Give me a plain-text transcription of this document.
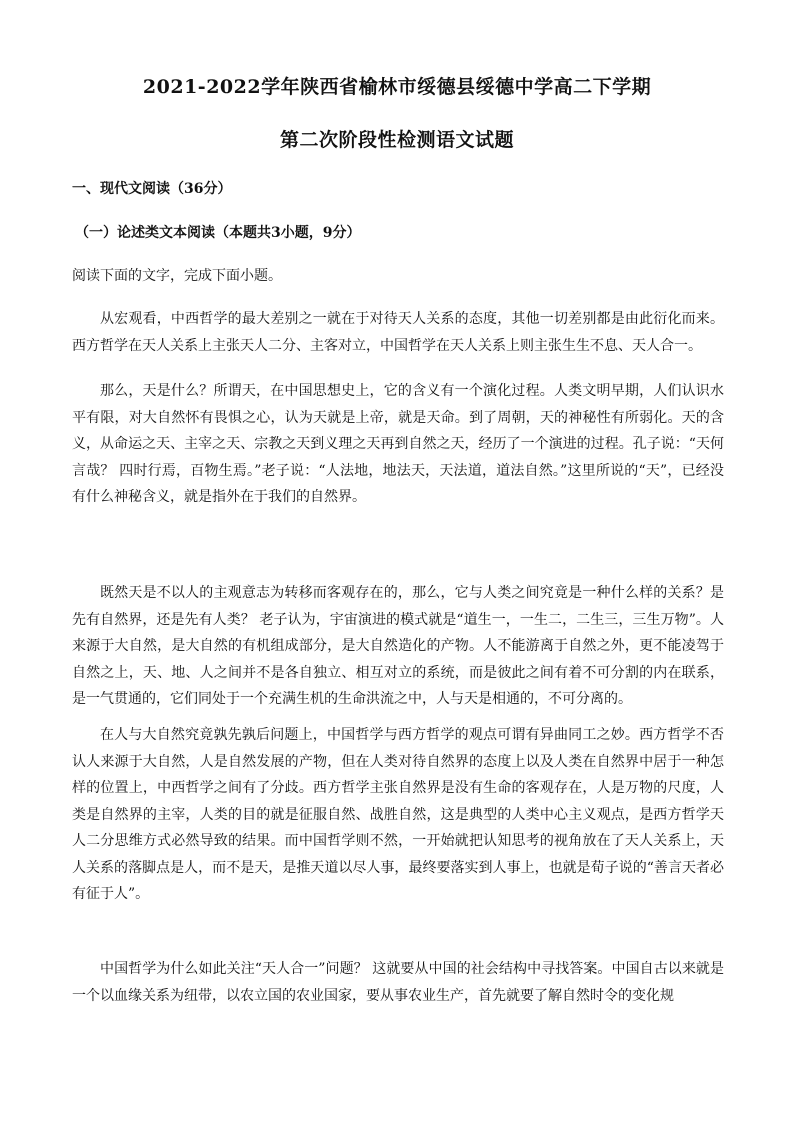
2021-2022学年陕西省榆林市绥德县绥德中学高二下学期
第二次阶段性检测语文试题
一、现代文阅读（36分）
（一）论述类文本阅读（本题共3小题，9分）
阅读下面的文字，完成下面小题。

从宏观看，中西哲学的最大差别之一就在于对待天人关系的态度，其他一切差别都是由此衍化而来。西方哲学在天人关系上主张天人二分、主客对立，中国哲学在天人关系上则主张生生不息、天人合一。

那么，天是什么？所谓天，在中国思想史上，它的含义有一个演化过程。人类文明早期，人们认识水平有限，对大自然怀有畏惧之心，认为天就是上帝，就是天命。到了周朝，天的神秘性有所弱化。天的含义，从命运之天、主宰之天、宗教之天到义理之天再到自然之天，经历了一个演进的过程。孔子说：“天何言哉？ 四时行焉，百物生焉。”老子说：“人法地，地法天，天法道，道法自然。”这里所说的“天”，已经没有什么神秘含义，就是指外在于我们的自然界。

既然天是不以人的主观意志为转移而客观存在的，那么，它与人类之间究竟是一种什么样的关系？是先有自然界，还是先有人类？ 老子认为，宇宙演进的模式就是“道生一，一生二，二生三，三生万物”。人来源于大自然，是大自然的有机组成部分，是大自然造化的产物。人不能游离于自然之外，更不能凌驾于自然之上，天、地、人之间并不是各自独立、相互对立的系统，而是彼此之间有着不可分割的内在联系，是一气贯通的，它们同处于一个充满生机的生命洪流之中，人与天是相通的，不可分离的。

在人与大自然究竟孰先孰后问题上，中国哲学与西方哲学的观点可谓有异曲同工之妙。西方哲学不否认人来源于大自然，人是自然发展的产物，但在人类对待自然界的态度上以及人类在自然界中居于一种怎样的位置上，中西哲学之间有了分歧。西方哲学主张自然界是没有生命的客观存在，人是万物的尺度，人类是自然界的主宰，人类的目的就是征服自然、战胜自然，这是典型的人类中心主义观点，是西方哲学天人二分思维方式必然导致的结果。而中国哲学则不然，一开始就把认知思考的视角放在了天人关系上，天人关系的落脚点是人，而不是天，是推天道以尽人事，最终要落实到人事上，也就是荀子说的“善言天者必有征于人”。

中国哲学为什么如此关注“天人合一”问题？ 这就要从中国的社会结构中寻找答案。中国自古以来就是一个以血缘关系为纽带，以农立国的农业国家，要从事农业生产，首先就要了解自然时令的变化规
